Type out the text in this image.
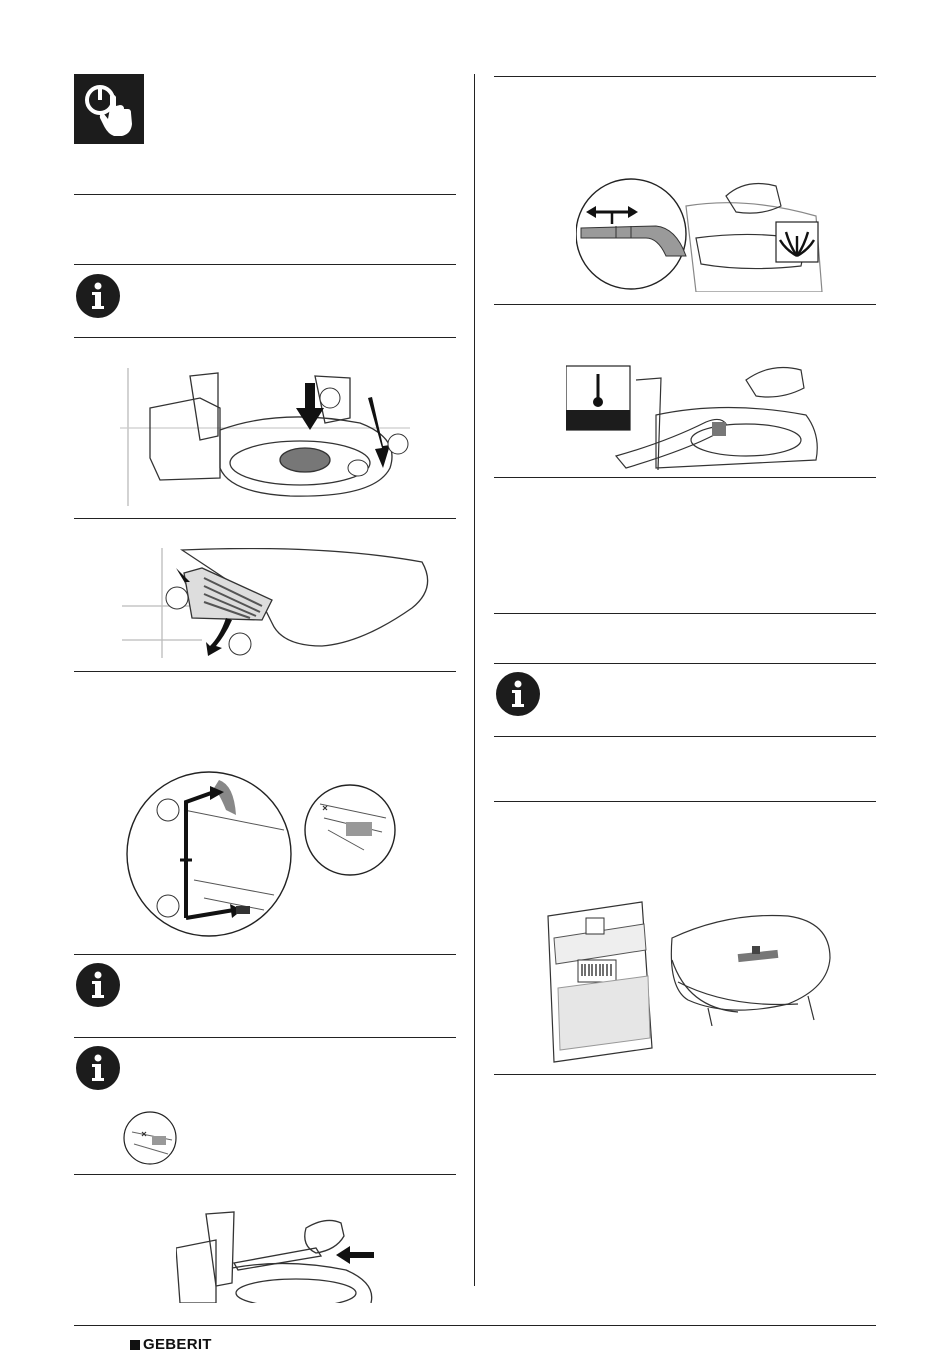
GEBERIT
